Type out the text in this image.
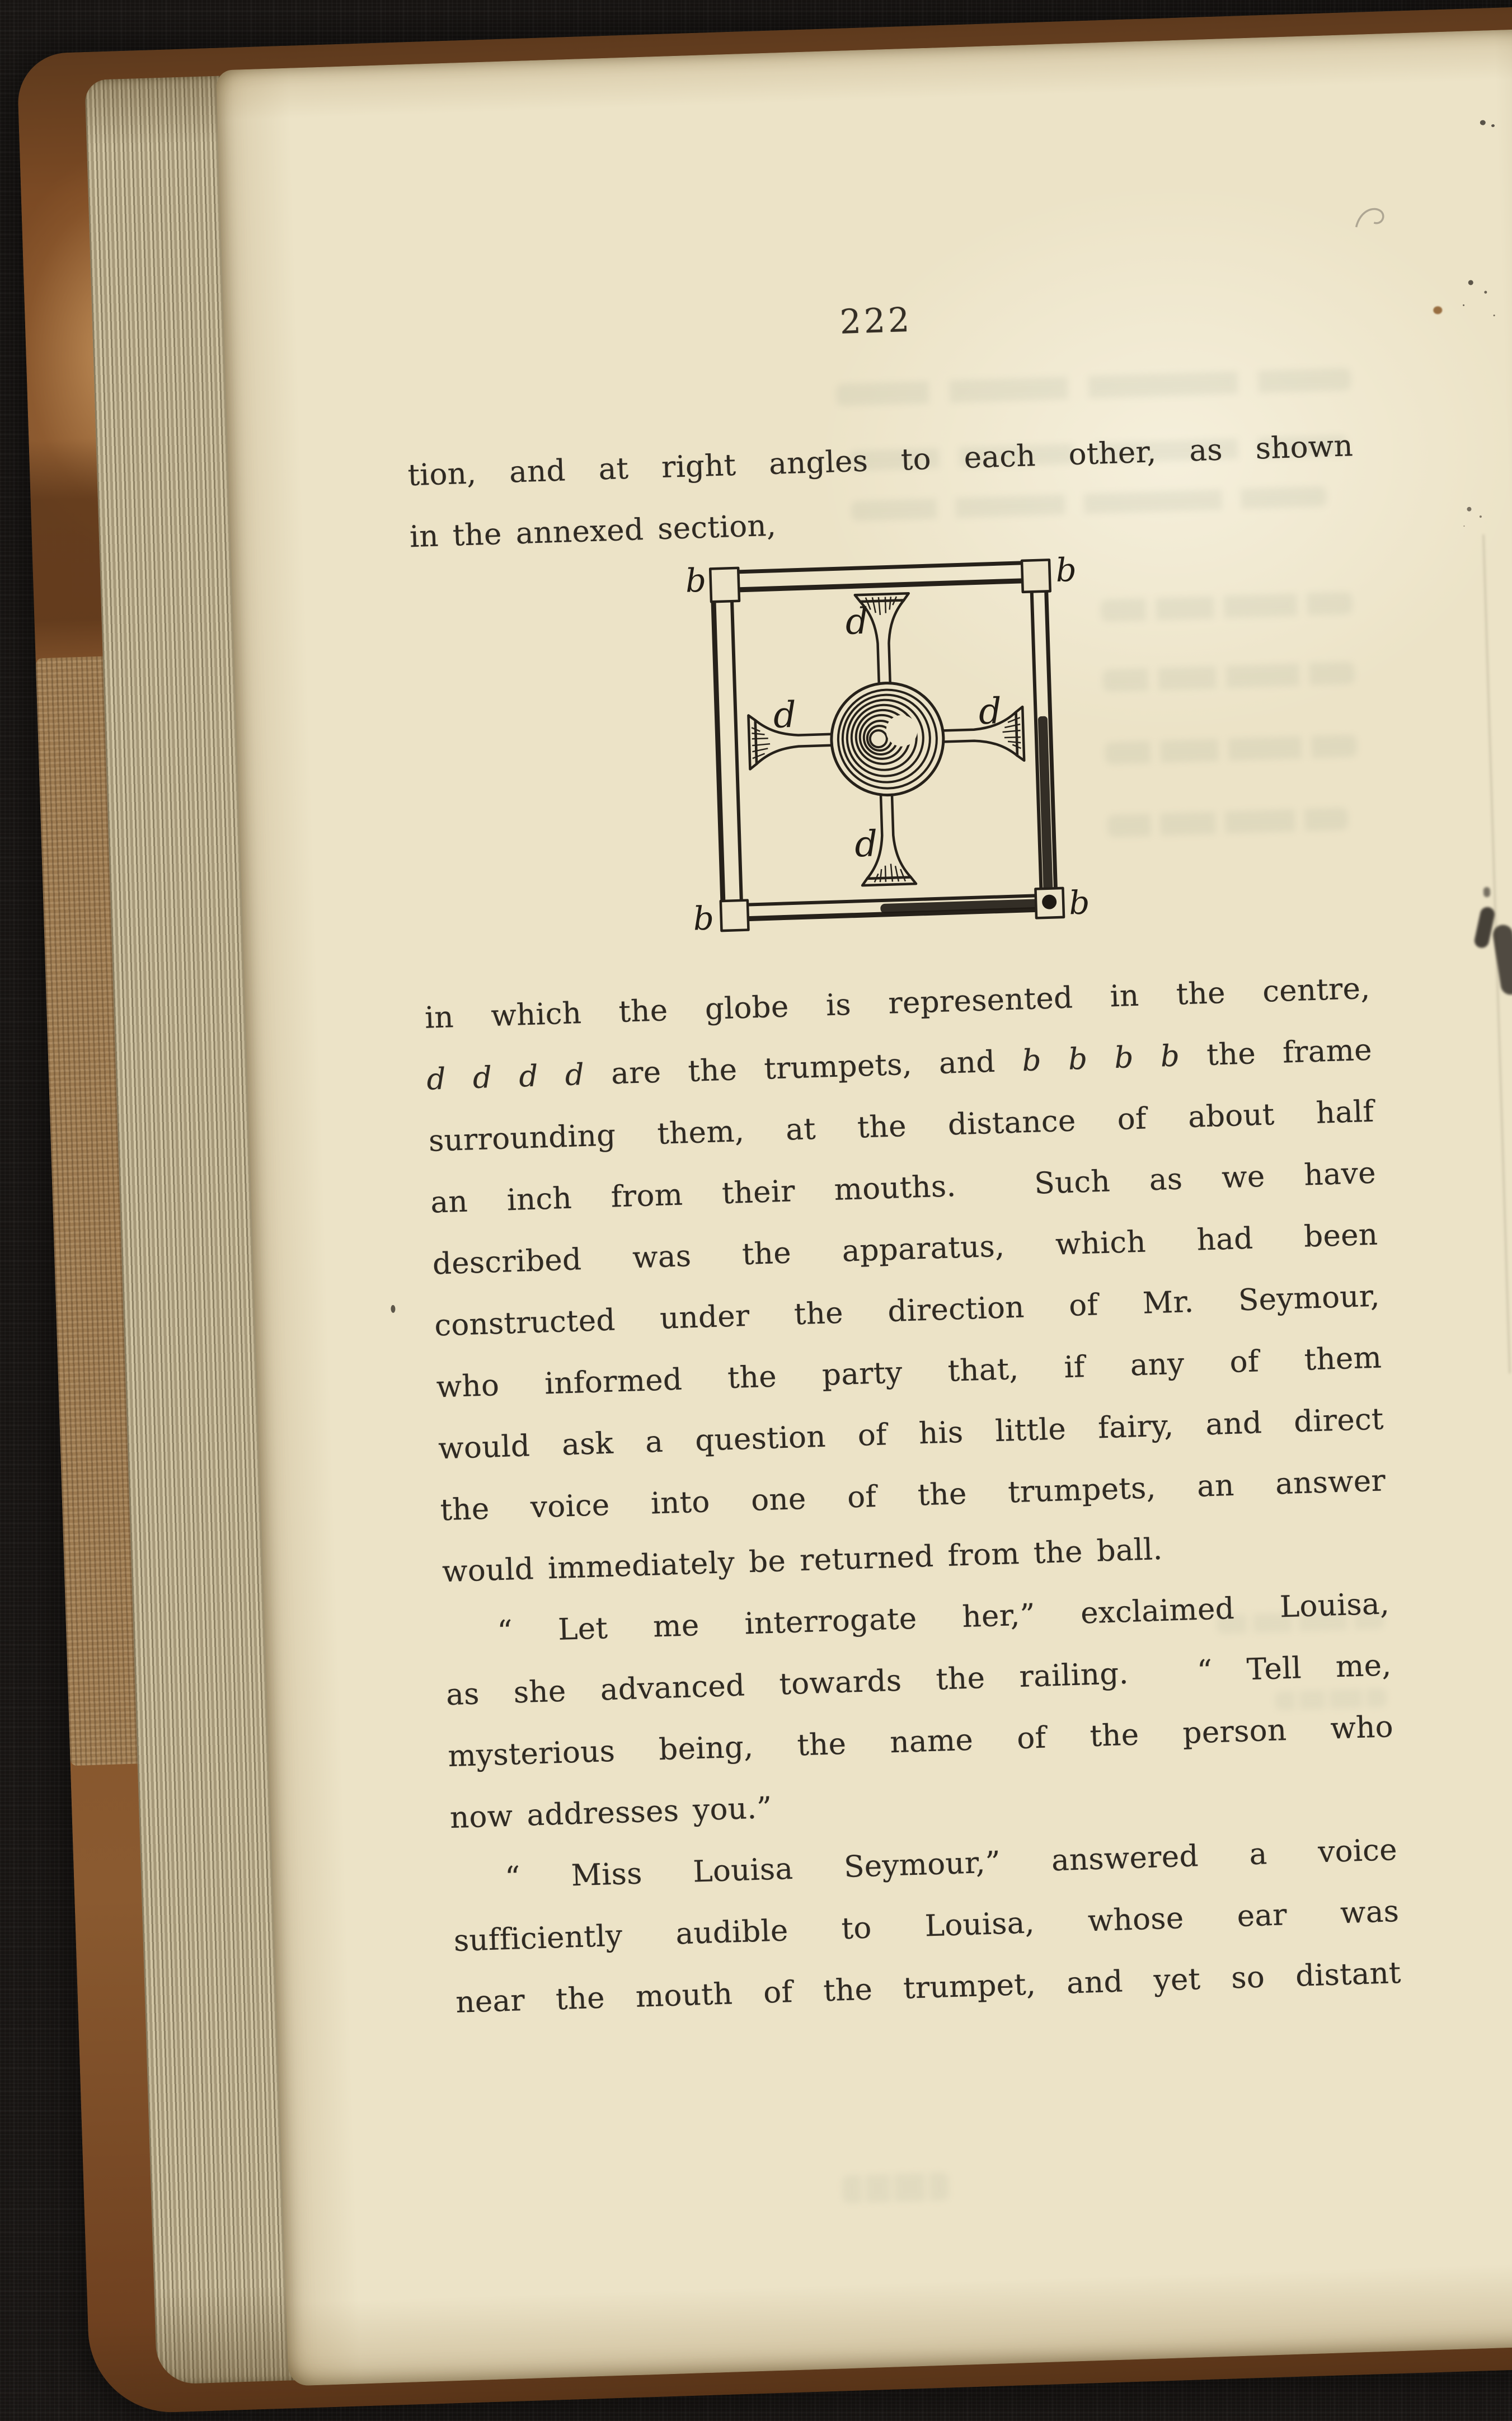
222
tion, and at right angles to each other, as shown
in the annexed section,
b	b
b	b
d
d	d
d
in which the globe is represented in the centre,
d d d d are the trumpets, and b b b b the frame
surrounding them, at the distance of about half
an inch from their mouths.  Such as we have
described was the apparatus, which had been
constructed under the direction of Mr. Seymour,
who informed the party that, if any of them
would ask a question of his little fairy, and direct
the voice into one of the trumpets, an answer
would immediately be returned from the ball.
“ Let me interrogate her,” exclaimed Louisa,
as she advanced towards the railing.  “ Tell me,
mysterious being, the name of the person who
now addresses you.”
“ Miss Louisa Seymour,” answered a voice
sufficiently audible to Louisa, whose ear was
near the mouth of the trumpet, and yet so distant
